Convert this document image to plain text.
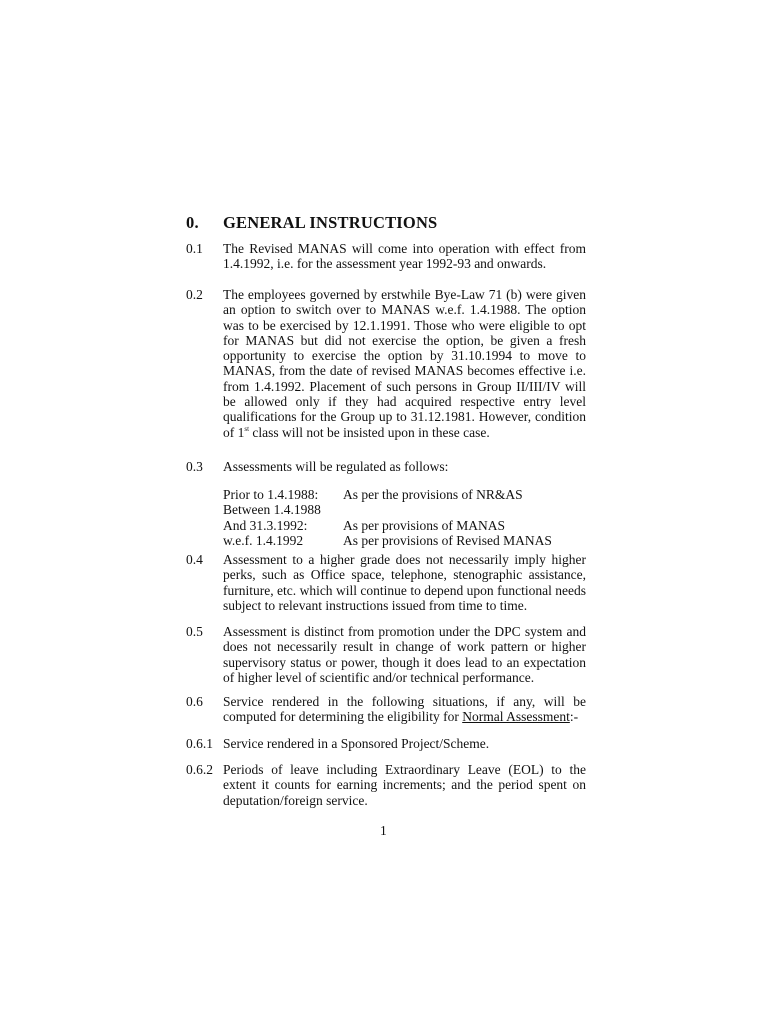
0. GENERAL INSTRUCTIONS
0.1 The Revised MANAS will come into operation with effect from 1.4.1992, i.e. for the assessment year 1992-93 and onwards.
0.2 The employees governed by erstwhile Bye-Law 71 (b) were given an option to switch over to MANAS w.e.f. 1.4.1988. The option was to be exercised by 12.1.1991. Those who were eligible to opt for MANAS but did not exercise the option, be given a fresh opportunity to exercise the option by 31.10.1994 to move to MANAS, from the date of revised MANAS becomes effective i.e. from 1.4.1992. Placement of such persons in Group II/III/IV will be allowed only if they had acquired respective entry level qualifications for the Group up to 31.12.1981. However, condition of 1st class will not be insisted upon in these case.
0.3 Assessments will be regulated as follows:
Prior to 1.4.1988: As per the provisions of NR&AS
Between 1.4.1988
And 31.3.1992:	As per provisions of MANAS
w.e.f. 1.4.1992	As per provisions of Revised MANAS
0.4 Assessment to a higher grade does not necessarily imply higher perks, such as Office space, telephone, stenographic assistance, furniture, etc. which will continue to depend upon functional needs subject to relevant instructions issued from time to time.
0.5 Assessment is distinct from promotion under the DPC system and does not necessarily result in change of work pattern or higher supervisory status or power, though it does lead to an expectation of higher level of scientific and/or technical performance.
0.6 Service rendered in the following situations, if any, will be computed for determining the eligibility for Normal Assessment:-
0.6.1 Service rendered in a Sponsored Project/Scheme.
0.6.2 Periods of leave including Extraordinary Leave (EOL) to the extent it counts for earning increments; and the period spent on deputation/foreign service.
1
